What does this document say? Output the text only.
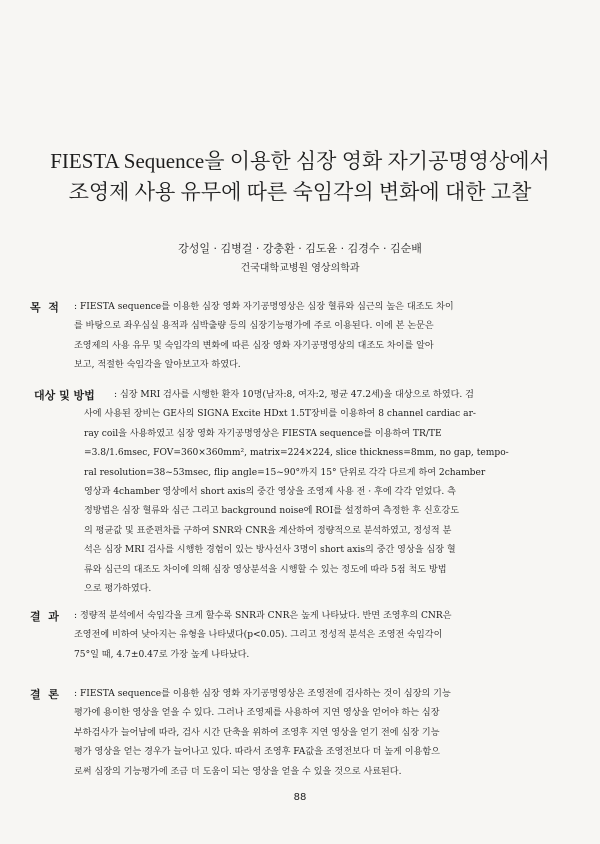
FIESTA Sequence을 이용한 심장 영화 자기공명영상에서
조영제 사용 유무에 따른 숙임각의 변화에 대한 고찰
강성일 · 김병걸 · 강충환 · 김도윤 · 김경수 · 김순배
건국대학교병원 영상의학과
목  적 : FIESTA sequence를 이용한 심장 영화 자기공명영상은 심장 혈류와 심근의 높은 대조도 차이
를 바탕으로 좌우심실 용적과 심박출량 등의 심장기능평가에 주로 이용된다. 이에 본 논문은
조영제의 사용 유무 및 숙임각의 변화에 따른 심장 영화 자기공명영상의 대조도 차이를 알아
보고, 적절한 숙임각을 알아보고자 하였다.
대상 및 방법 : 심장 MRI 검사를 시행한 환자 10명(남자:8, 여자:2, 평균 47.2세)을 대상으로 하였다. 검
사에 사용된 장비는 GE사의 SIGNA Excite HDxt 1.5T장비를 이용하여 8 channel cardiac ar-
ray coil을 사용하였고 심장 영화 자기공명영상은 FIESTA sequence를 이용하여 TR/TE
=3.8/1.6msec, FOV=360×360mm², matrix=224×224, slice thickness=8mm, no gap, tempo-
ral resolution=38~53msec, flip angle=15~90°까지 15° 단위로 각각 다르게 하여 2chamber
영상과 4chamber 영상에서 short axis의 중간 영상을 조영제 사용 전 · 후에 각각 얻었다. 측
정방법은 심장 혈류와 심근 그리고 background noise에 ROI를 설정하여 측정한 후 신호강도
의 평균값 및 표준편차를 구하여 SNR와 CNR을 계산하여 정량적으로 분석하였고, 정성적 분
석은 심장 MRI 검사를 시행한 경험이 있는 방사선사 3명이 short axis의 중간 영상을 심장 혈
류와 심근의 대조도 차이에 의해 심장 영상분석을 시행할 수 있는 정도에 따라 5점 척도 방법
으로 평가하였다.
결  과 : 정량적 분석에서 숙임각을 크게 할수록 SNR과 CNR은 높게 나타났다. 반면 조영후의 CNR은
조영전에 비하여 낮아지는 유형을 나타냈다(p<0.05). 그리고 정성적 분석은 조영전 숙임각이
75°일 때, 4.7±0.47로 가장 높게 나타났다.
결  론 : FIESTA sequence를 이용한 심장 영화 자기공명영상은 조영전에 검사하는 것이 심장의 기능
평가에 용이한 영상을 얻을 수 있다. 그러나 조영제를 사용하여 지연 영상을 얻어야 하는 심장
부하검사가 늘어남에 따라, 검사 시간 단축을 위하여 조영후 지연 영상을 얻기 전에 심장 기능
평가 영상을 얻는 경우가 늘어나고 있다. 따라서 조영후 FA값을 조영전보다 더 높게 이용함으
로써 심장의 기능평가에 조금 더 도움이 되는 영상을 얻을 수 있을 것으로 사료된다.
88
